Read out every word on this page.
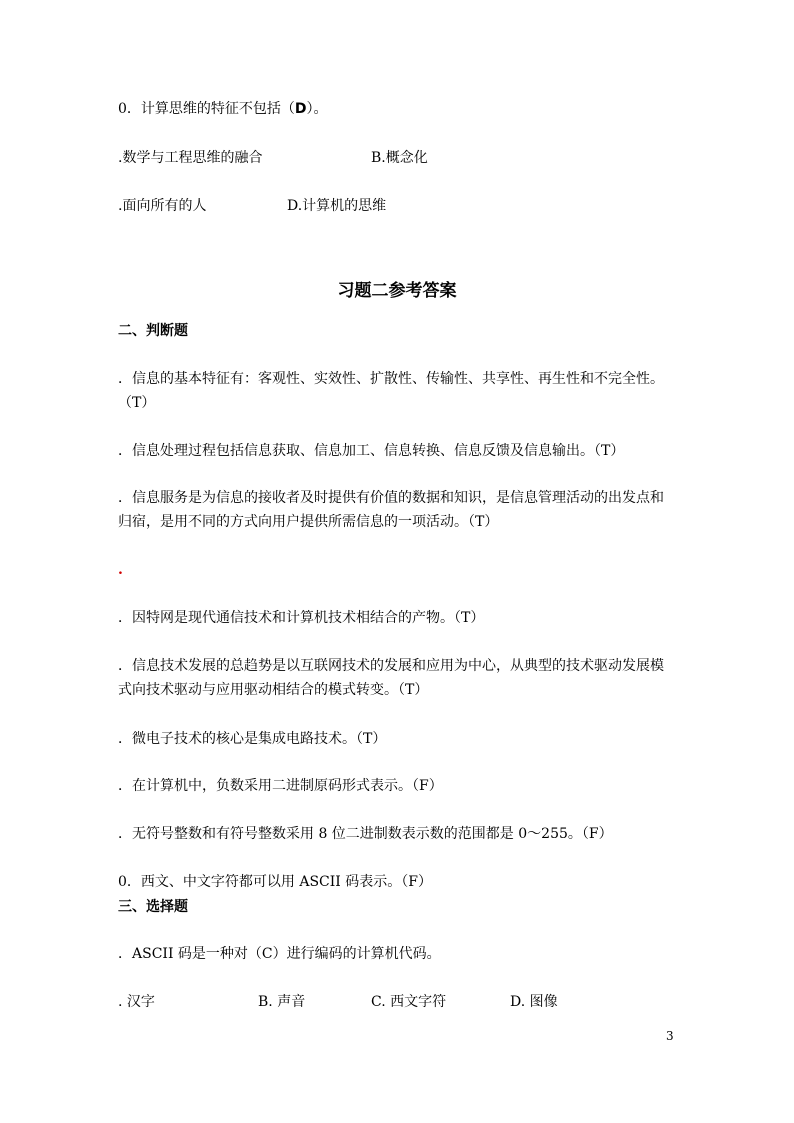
0．计算思维的特征不包括（D）。
.数学与工程思维的融合	B.概念化
.面向所有的人	D.计算机的思维
习题二参考答案
二、判断题
．信息的基本特征有：客观性、实效性、扩散性、传输性、共享性、再生性和不完全性。
（T）
．信息处理过程包括信息获取、信息加工、信息转换、信息反馈及信息输出。（T）
．信息服务是为信息的接收者及时提供有价值的数据和知识，是信息管理活动的出发点和
归宿，是用不同的方式向用户提供所需信息的一项活动。（T）
.
．因特网是现代通信技术和计算机技术相结合的产物。（T）
．信息技术发展的总趋势是以互联网技术的发展和应用为中心，从典型的技术驱动发展模
式向技术驱动与应用驱动相结合的模式转变。（T）
．微电子技术的核心是集成电路技术。（T）
．在计算机中，负数采用二进制原码形式表示。（F）
．无符号整数和有符号整数采用 8 位二进制数表示数的范围都是 0～255。（F）
0．西文、中文字符都可以用 ASCII 码表示。（F）
三、选择题
．ASCII 码是一种对（C）进行编码的计算机代码。
. 汉字	B. 声音	C. 西文字符	D. 图像
3
